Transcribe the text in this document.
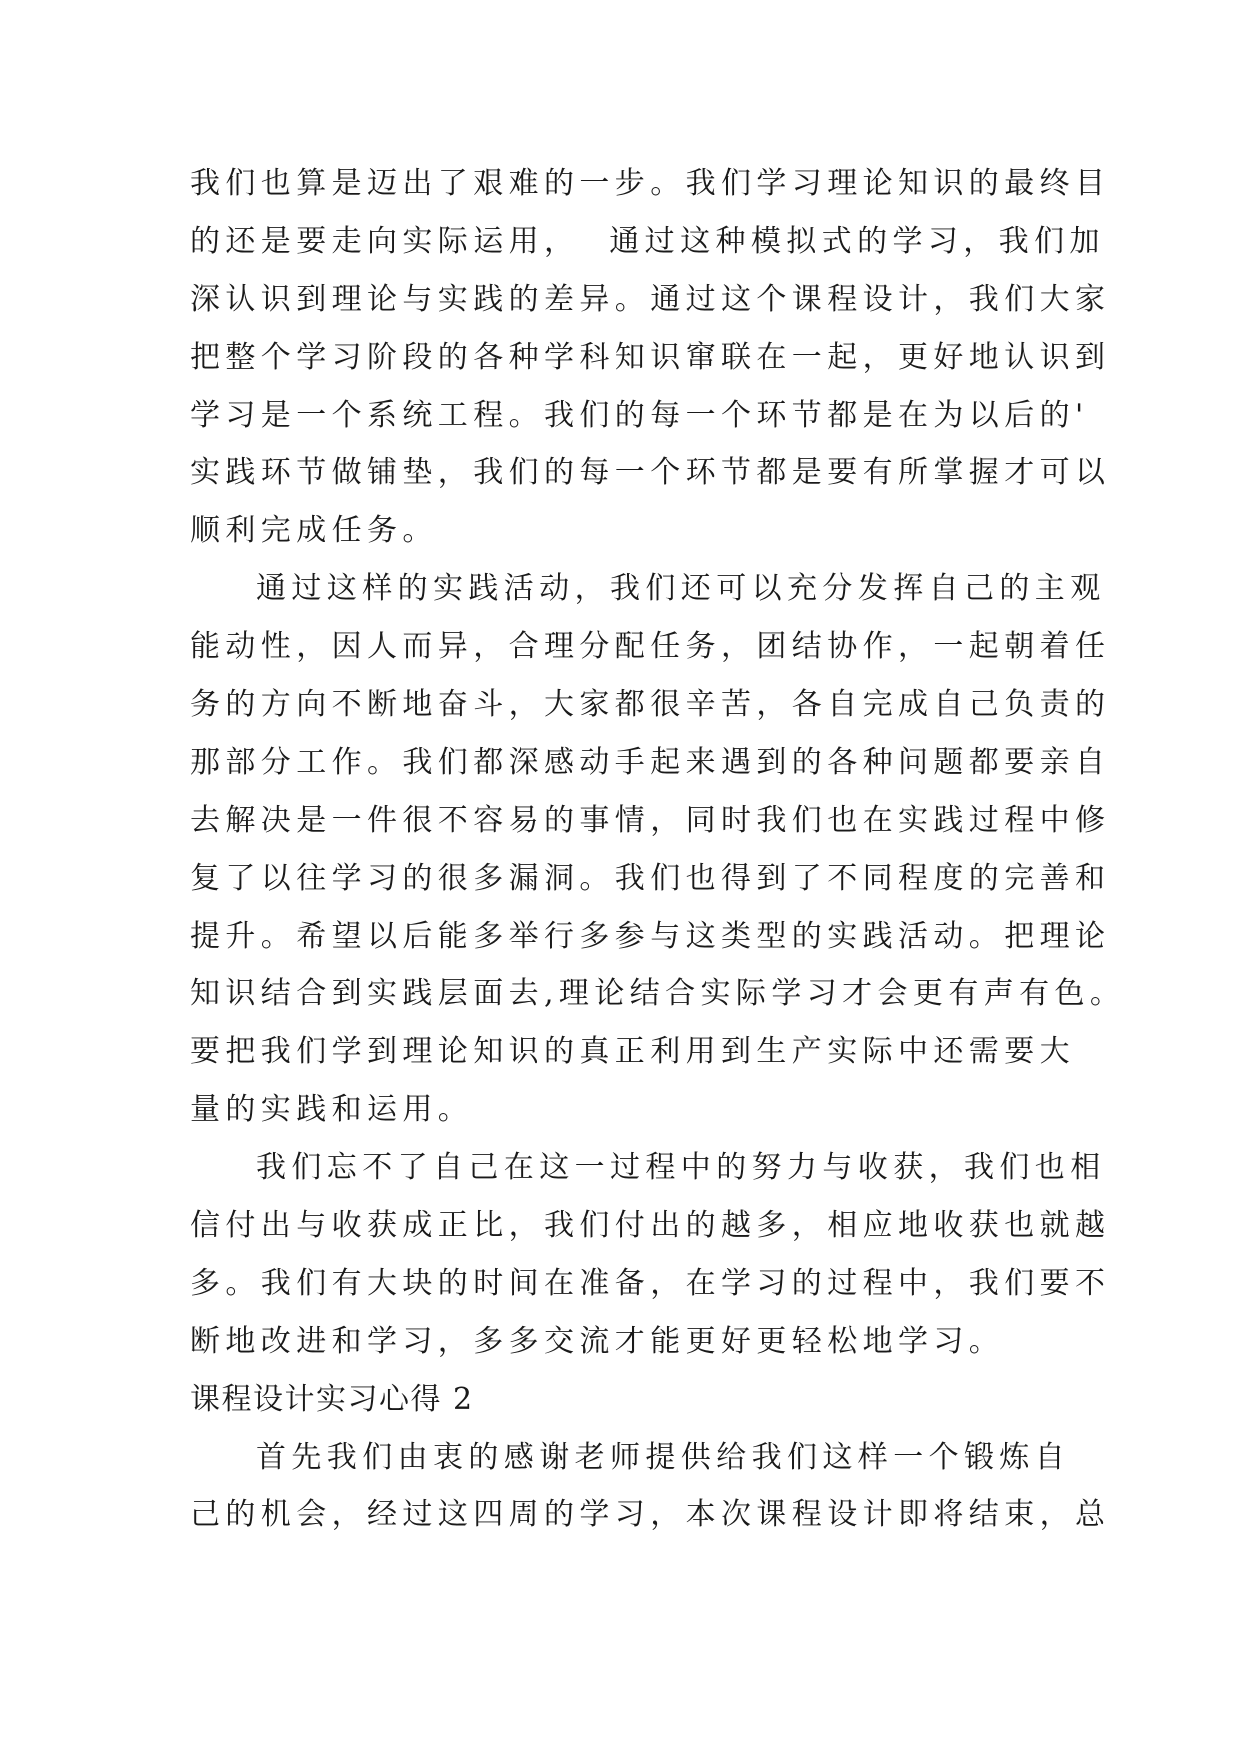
我们也算是迈出了艰难的一步。我们学习理论知识的最终目
的还是要走向实际运用，  通过这种模拟式的学习，我们加
深认识到理论与实践的差异。通过这个课程设计，我们大家
把整个学习阶段的各种学科知识窜联在一起，更好地认识到
学习是一个系统工程。我们的每一个环节都是在为以后的'
实践环节做铺垫，我们的每一个环节都是要有所掌握才可以
顺利完成任务。
通过这样的实践活动，我们还可以充分发挥自己的主观
能动性，因人而异，合理分配任务，团结协作，一起朝着任
务的方向不断地奋斗，大家都很辛苦，各自完成自己负责的
那部分工作。我们都深感动手起来遇到的各种问题都要亲自
去解决是一件很不容易的事情，同时我们也在实践过程中修
复了以往学习的很多漏洞。我们也得到了不同程度的完善和
提升。希望以后能多举行多参与这类型的实践活动。把理论
知识结合到实践层面去,理论结合实际学习才会更有声有色。
要把我们学到理论知识的真正利用到生产实际中还需要大
量的实践和运用。
我们忘不了自己在这一过程中的努力与收获，我们也相
信付出与收获成正比，我们付出的越多，相应地收获也就越
多。我们有大块的时间在准备，在学习的过程中，我们要不
断地改进和学习，多多交流才能更好更轻松地学习。
课程设计实习心得 2
首先我们由衷的感谢老师提供给我们这样一个锻炼自
己的机会，经过这四周的学习，本次课程设计即将结束，总
